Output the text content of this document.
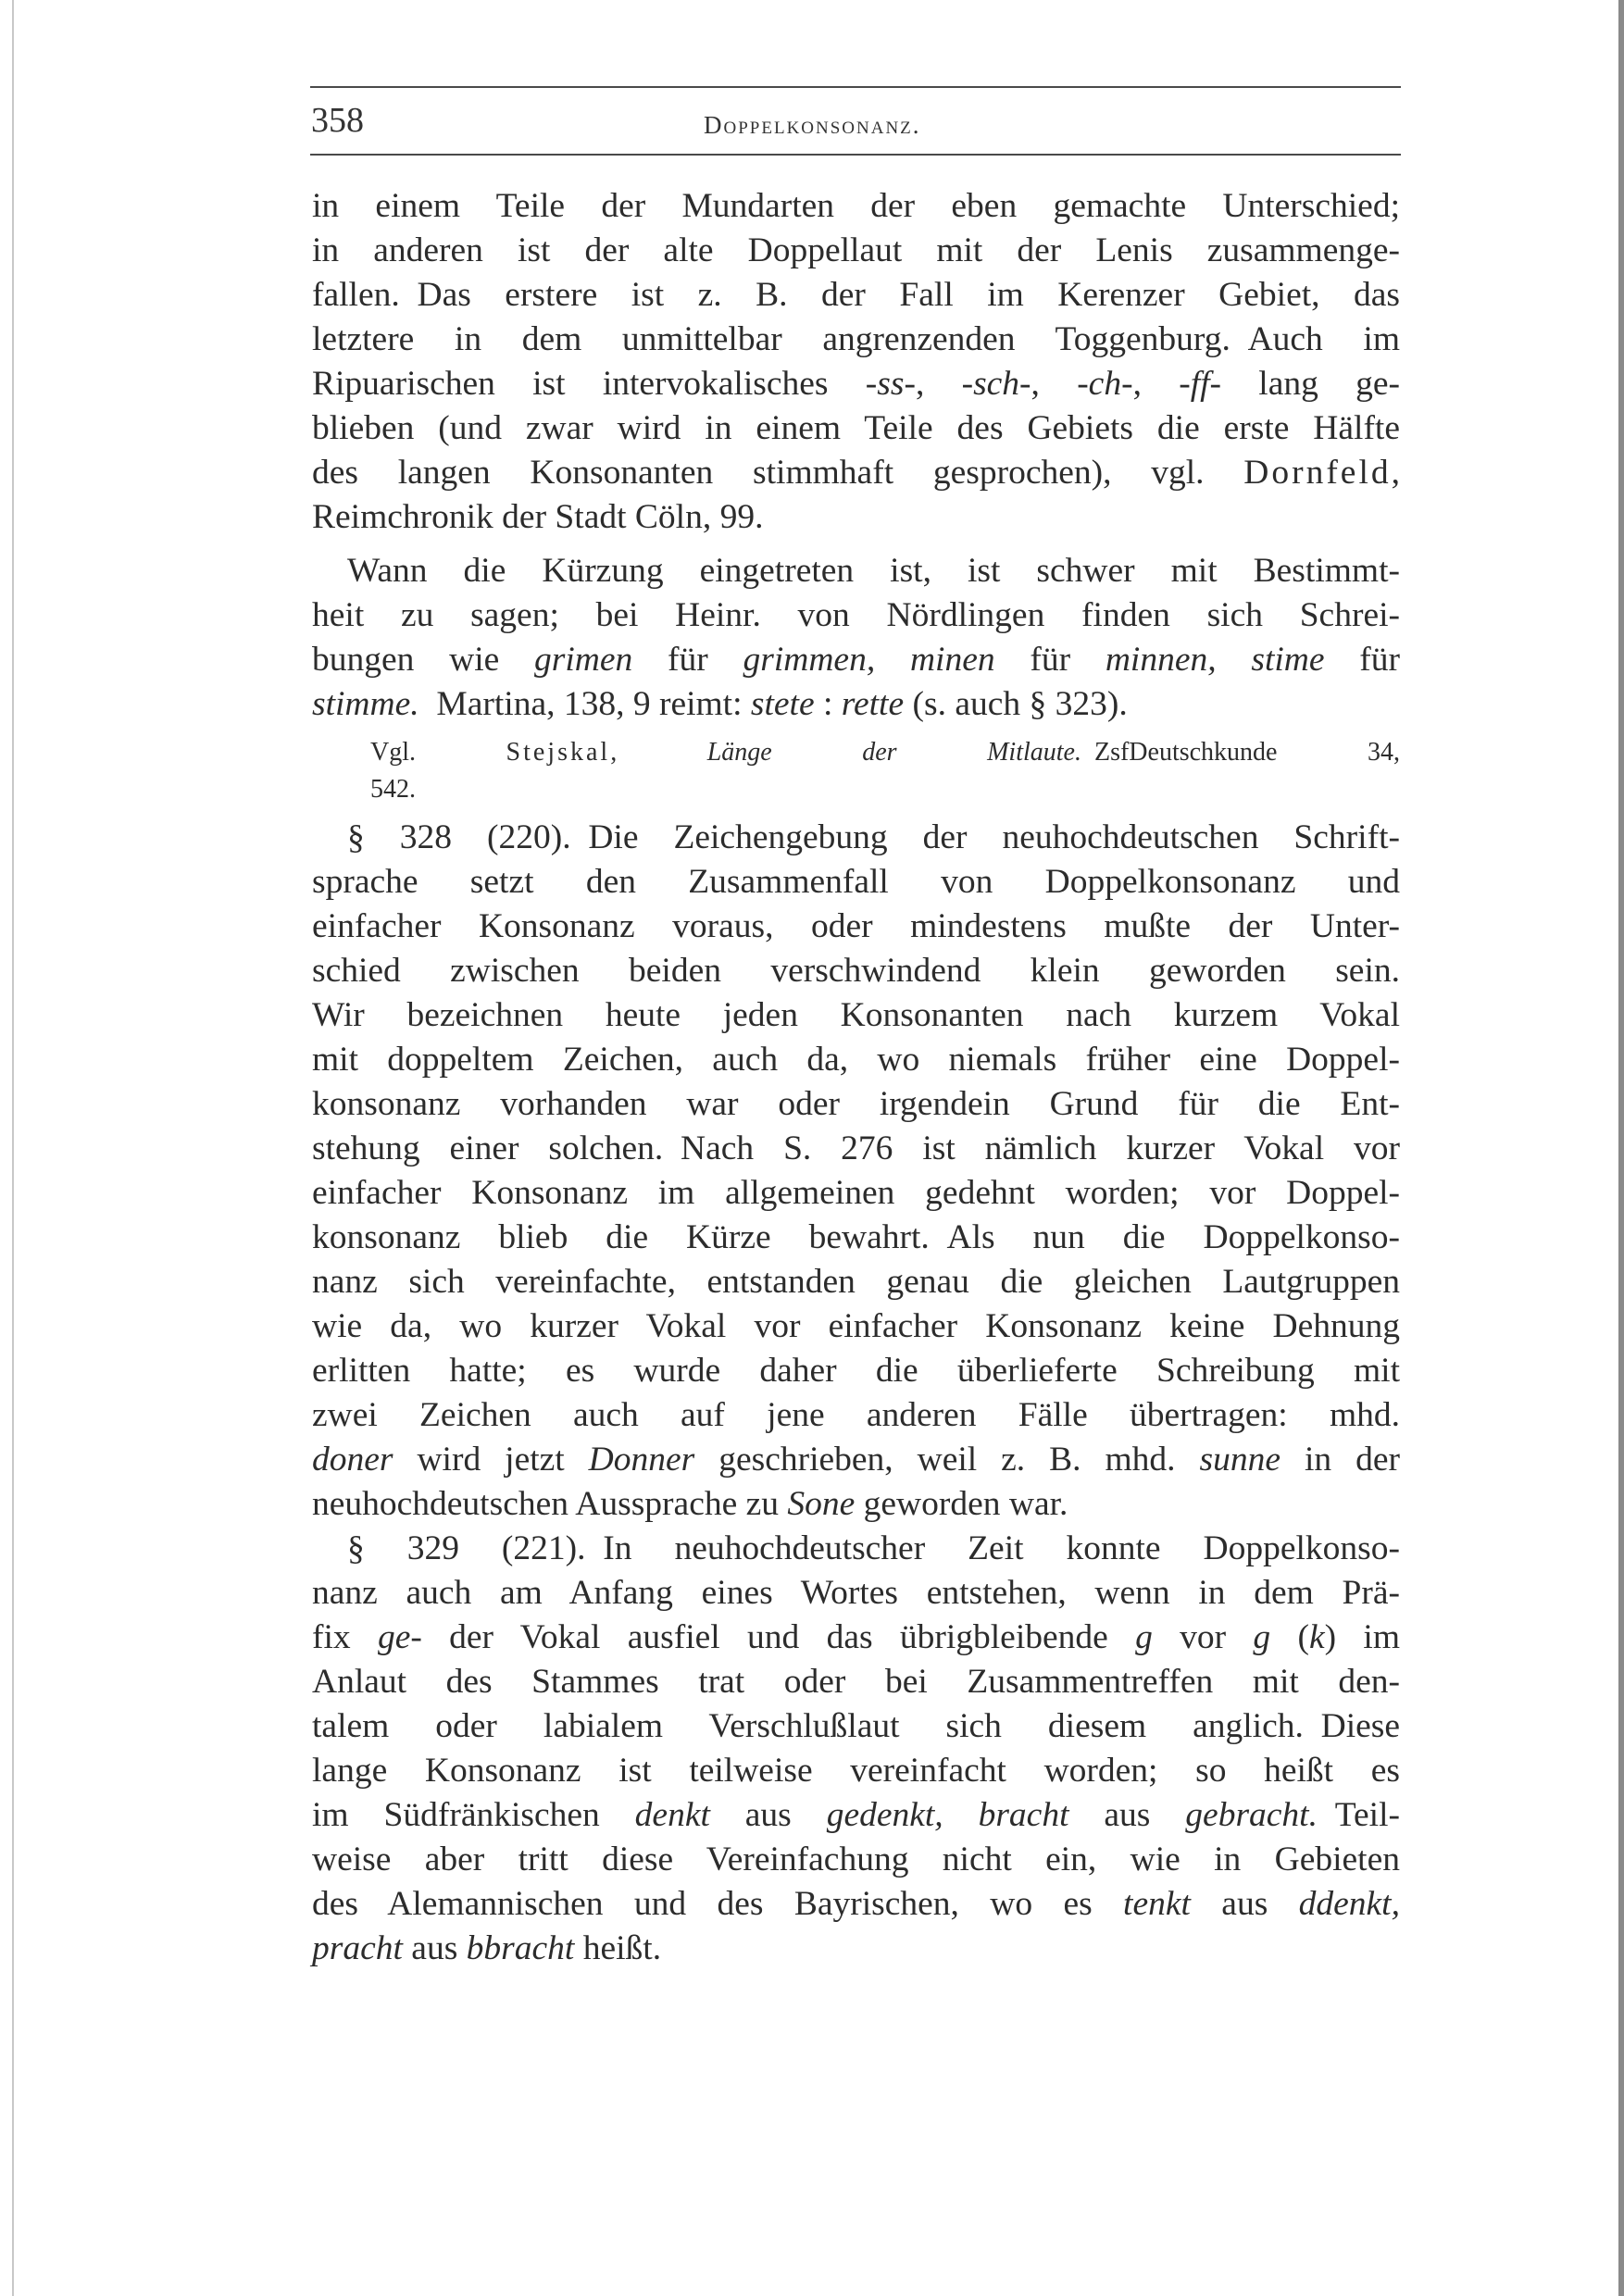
358	Doppelkonsonanz.
in einem Teile der Mundarten der eben gemachte Unterschied;
in anderen ist der alte Doppellaut mit der Lenis zusammenge-
fallen. Das erstere ist z. B. der Fall im Kerenzer Gebiet, das
letztere in dem unmittelbar angrenzenden Toggenburg. Auch im
Ripuarischen ist intervokalisches -ss-, -sch-, -ch-, -ff- lang ge-
blieben (und zwar wird in einem Teile des Gebiets die erste Hälfte
des langen Konsonanten stimmhaft gesprochen), vgl. Dornfeld,
Reimchronik der Stadt Cöln, 99.
Wann die Kürzung eingetreten ist, ist schwer mit Bestimmt-
heit zu sagen; bei Heinr. von Nördlingen finden sich Schrei-
bungen wie grimen für grimmen, minen für minnen, stime für
stimme. Martina, 138, 9 reimt: stete : rette (s. auch § 323).
Vgl. Stejskal, Länge der Mitlaute. ZsfDeutschkunde 34,
542.
§ 328 (220). Die Zeichengebung der neuhochdeutschen Schrift-
sprache setzt den Zusammenfall von Doppelkonsonanz und
einfacher Konsonanz voraus, oder mindestens mußte der Unter-
schied zwischen beiden verschwindend klein geworden sein.
Wir bezeichnen heute jeden Konsonanten nach kurzem Vokal
mit doppeltem Zeichen, auch da, wo niemals früher eine Doppel-
konsonanz vorhanden war oder irgendein Grund für die Ent-
stehung einer solchen. Nach S. 276 ist nämlich kurzer Vokal vor
einfacher Konsonanz im allgemeinen gedehnt worden; vor Doppel-
konsonanz blieb die Kürze bewahrt. Als nun die Doppelkonso-
nanz sich vereinfachte, entstanden genau die gleichen Lautgruppen
wie da, wo kurzer Vokal vor einfacher Konsonanz keine Dehnung
erlitten hatte; es wurde daher die überlieferte Schreibung mit
zwei Zeichen auch auf jene anderen Fälle übertragen: mhd.
doner wird jetzt Donner geschrieben, weil z. B. mhd. sunne in der
neuhochdeutschen Aussprache zu Sone geworden war.
§ 329 (221). In neuhochdeutscher Zeit konnte Doppelkonso-
nanz auch am Anfang eines Wortes entstehen, wenn in dem Prä-
fix ge- der Vokal ausfiel und das übrigbleibende g vor g (k) im
Anlaut des Stammes trat oder bei Zusammentreffen mit den-
talem oder labialem Verschlußlaut sich diesem anglich. Diese
lange Konsonanz ist teilweise vereinfacht worden; so heißt es
im Südfränkischen denkt aus gedenkt, bracht aus gebracht. Teil-
weise aber tritt diese Vereinfachung nicht ein, wie in Gebieten
des Alemannischen und des Bayrischen, wo es tenkt aus ddenkt,
pracht aus bbracht heißt.
